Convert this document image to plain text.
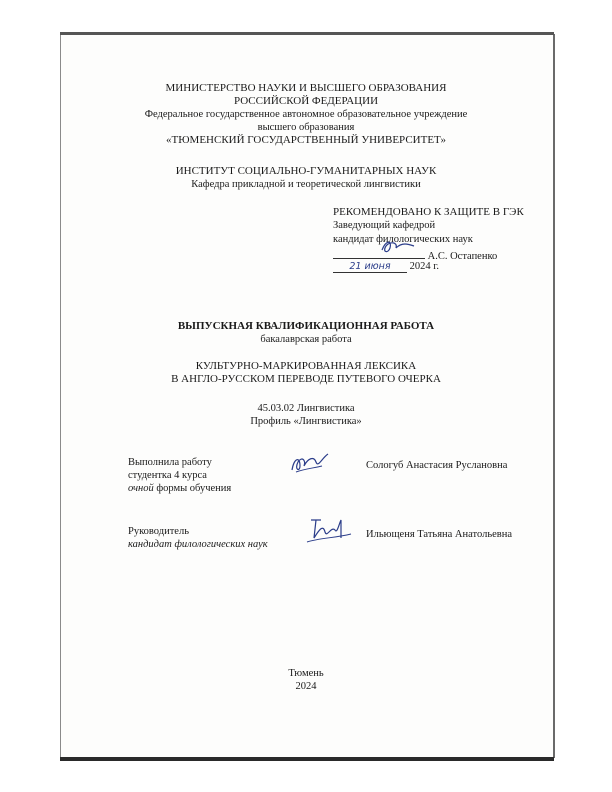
МИНИСТЕРСТВО НАУКИ И ВЫСШЕГО ОБРАЗОВАНИЯ

РОССИЙСКОЙ ФЕДЕРАЦИИ

Федеральное государственное автономное образовательное учреждение

высшего образования

«ТЮМЕНСКИЙ ГОСУДАРСТВЕННЫЙ УНИВЕРСИТЕТ»

ИНСТИТУТ СОЦИАЛЬНО-ГУМАНИТАРНЫХ НАУК

Кафедра прикладной и теоретической лингвистики

РЕКОМЕНДОВАНО К ЗАЩИТЕ В ГЭК

Заведующий кафедрой

кандидат филологических наук

А.С. Остапенко
21 июня 2024 г.

ВЫПУСКНАЯ КВАЛИФИКАЦИОННАЯ РАБОТА

бакалаврская работа

КУЛЬТУРНО-МАРКИРОВАННАЯ ЛЕКСИКА

В АНГЛО-РУССКОМ ПЕРЕВОДЕ ПУТЕВОГО ОЧЕРКА

45.03.02 Лингвистика

Профиль «Лингвистика»

Выполнила работу

студентка 4 курса

очной формы обучения

Сологуб Анастасия Руслановна

Руководитель

кандидат филологических наук

Ильющеня Татьяна Анатольевна

Тюмень

2024
